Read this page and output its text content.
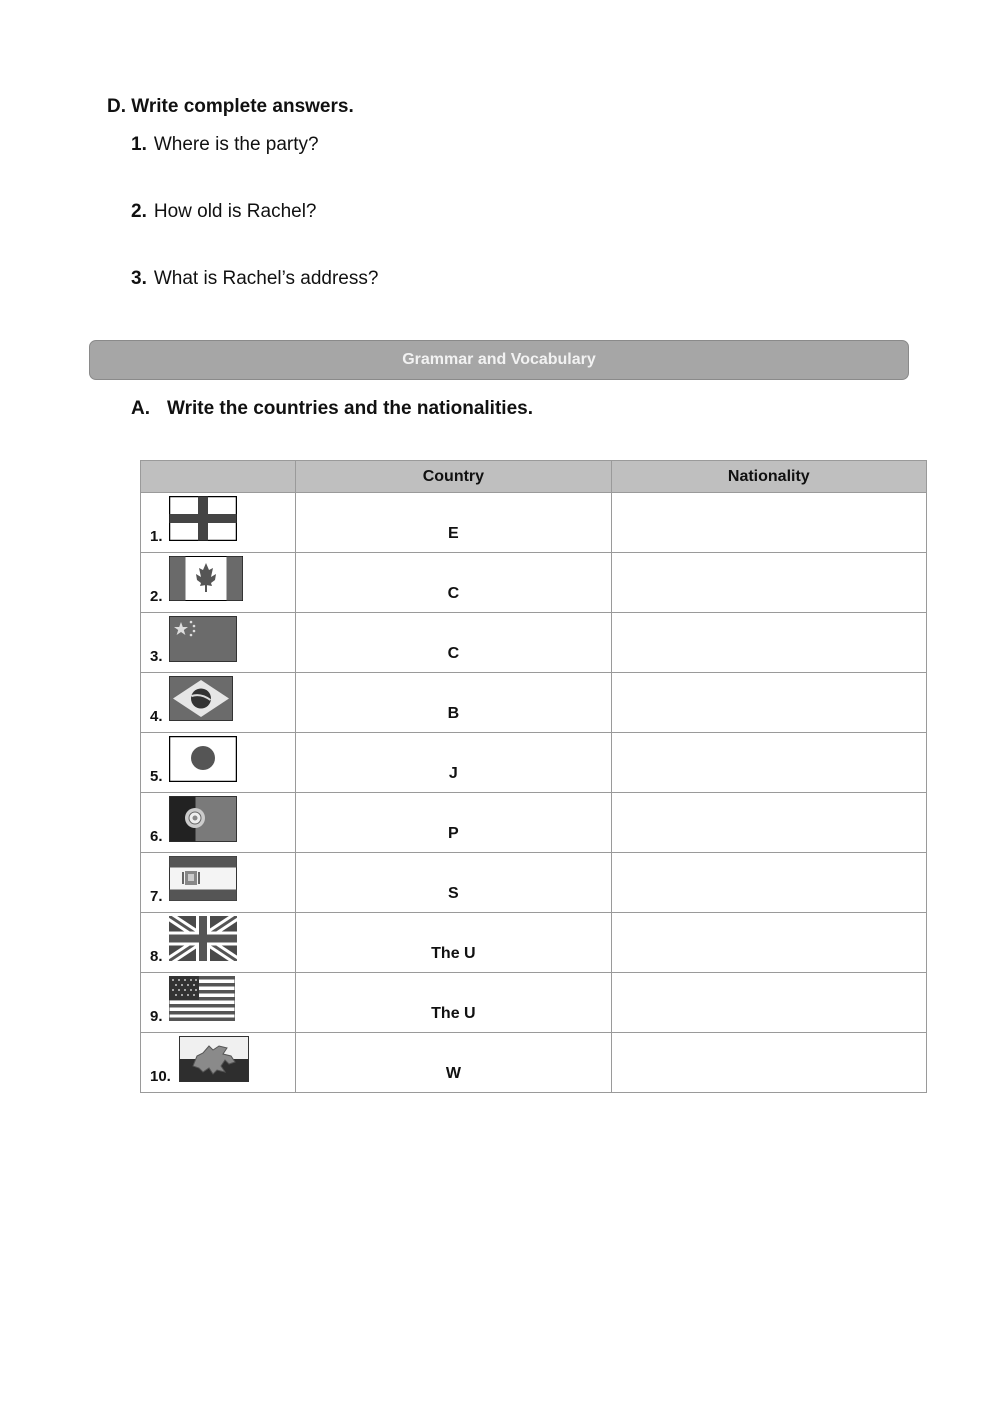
D. Write complete answers.
1. Where is the party?
2. How old is Rachel?
3. What is Rachel’s address?
Grammar and Vocabulary
A. Write the countries and the nationalities.
	Country	Nationality

1.	E	

2.	C	

3.	C	

4.	B	

5.	J	

6.	P	

7.	S	

8.	The U	

9.	The U	

10.	W	
